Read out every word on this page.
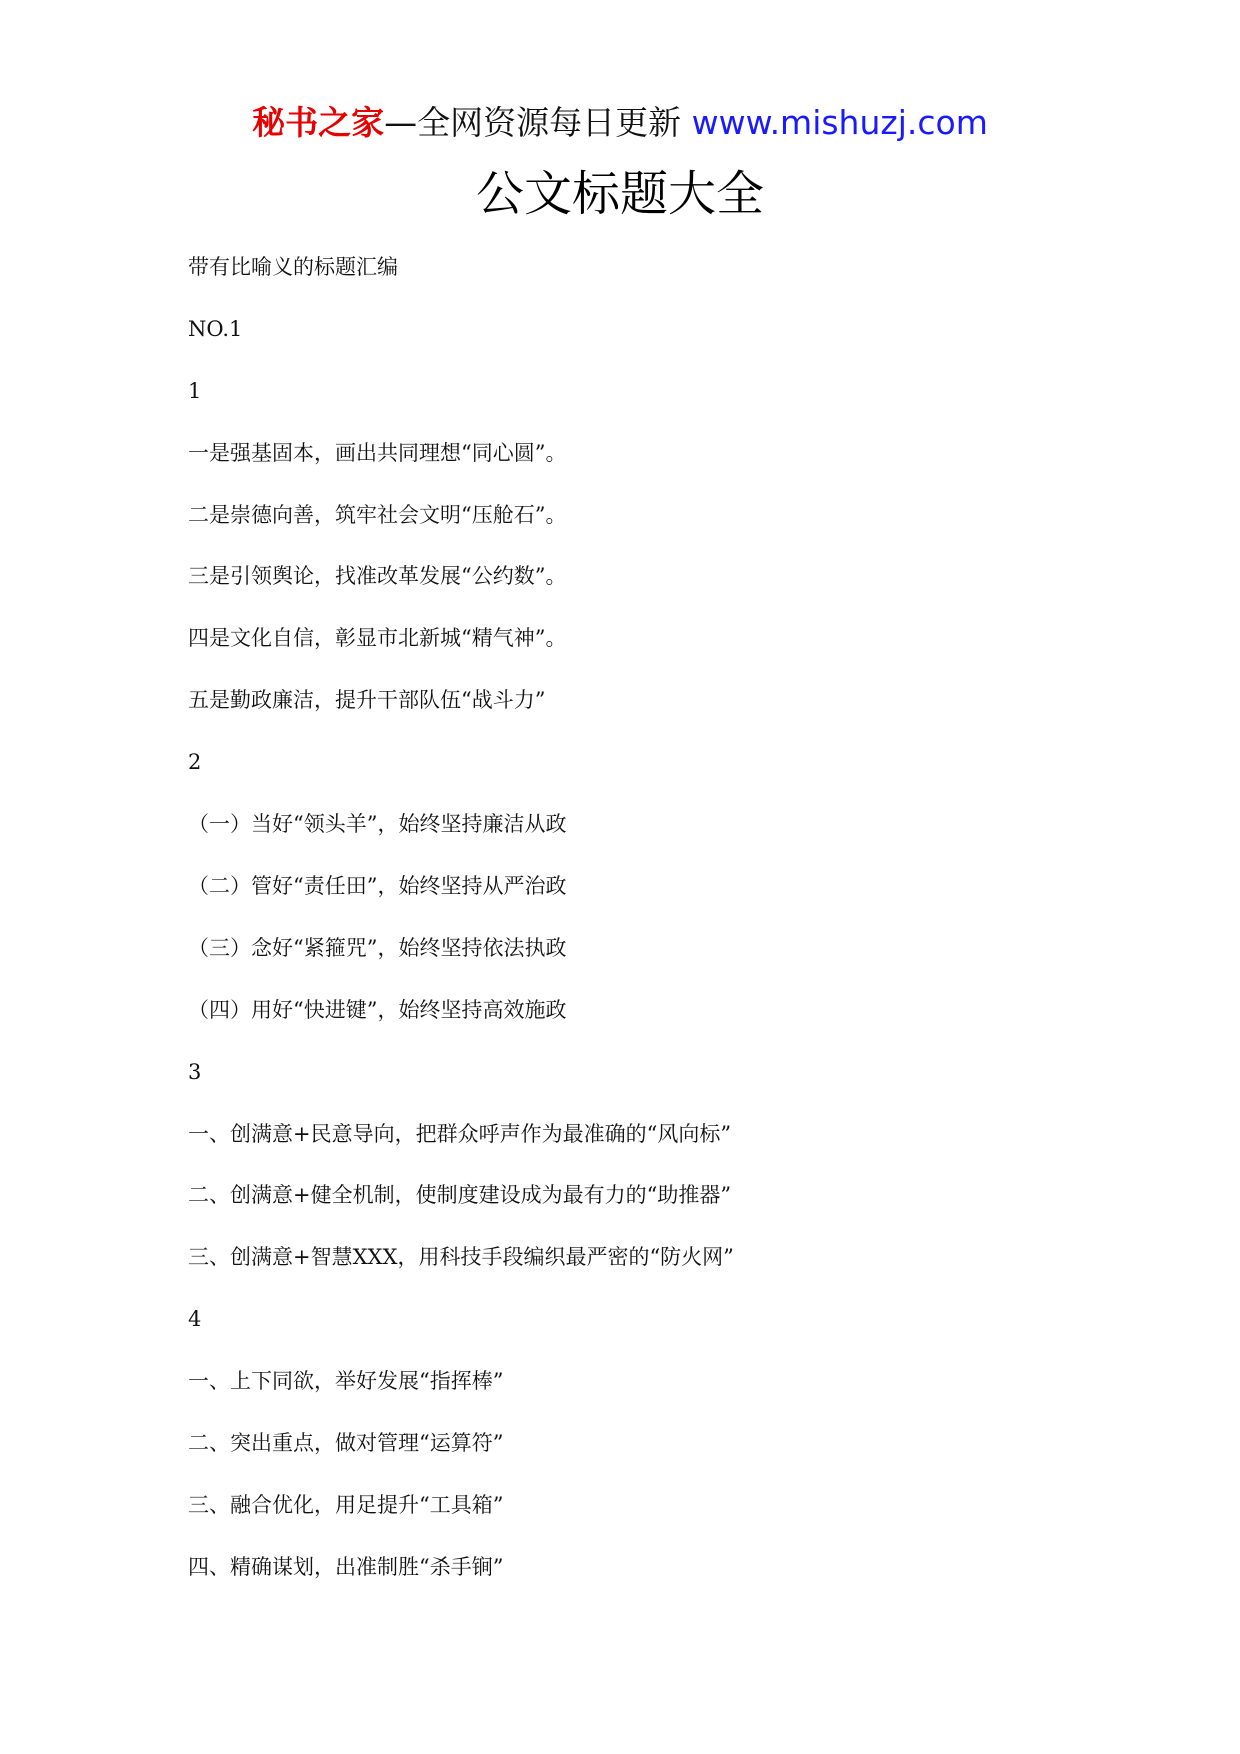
秘书之家—全网资源每日更新 www.mishuzj.com
公文标题大全
带有比喻义的标题汇编
NO.1
1
一是强基固本，画出共同理想“同心圆”。
二是崇德向善，筑牢社会文明“压舱石”。
三是引领舆论，找准改革发展“公约数”。
四是文化自信，彰显市北新城“精气神”。
五是勤政廉洁，提升干部队伍“战斗力”
2
（一）当好“领头羊”，始终坚持廉洁从政
（二）管好“责任田”，始终坚持从严治政
（三）念好“紧箍咒”，始终坚持依法执政
（四）用好“快进键”，始终坚持高效施政
3
一、创满意+民意导向，把群众呼声作为最准确的“风向标”
二、创满意+健全机制，使制度建设成为最有力的“助推器”
三、创满意+智慧XXX，用科技手段编织最严密的“防火网”
4
一、上下同欲，举好发展“指挥棒”
二、突出重点，做对管理“运算符”
三、融合优化，用足提升“工具箱”
四、精确谋划，出准制胜“杀手锏”
